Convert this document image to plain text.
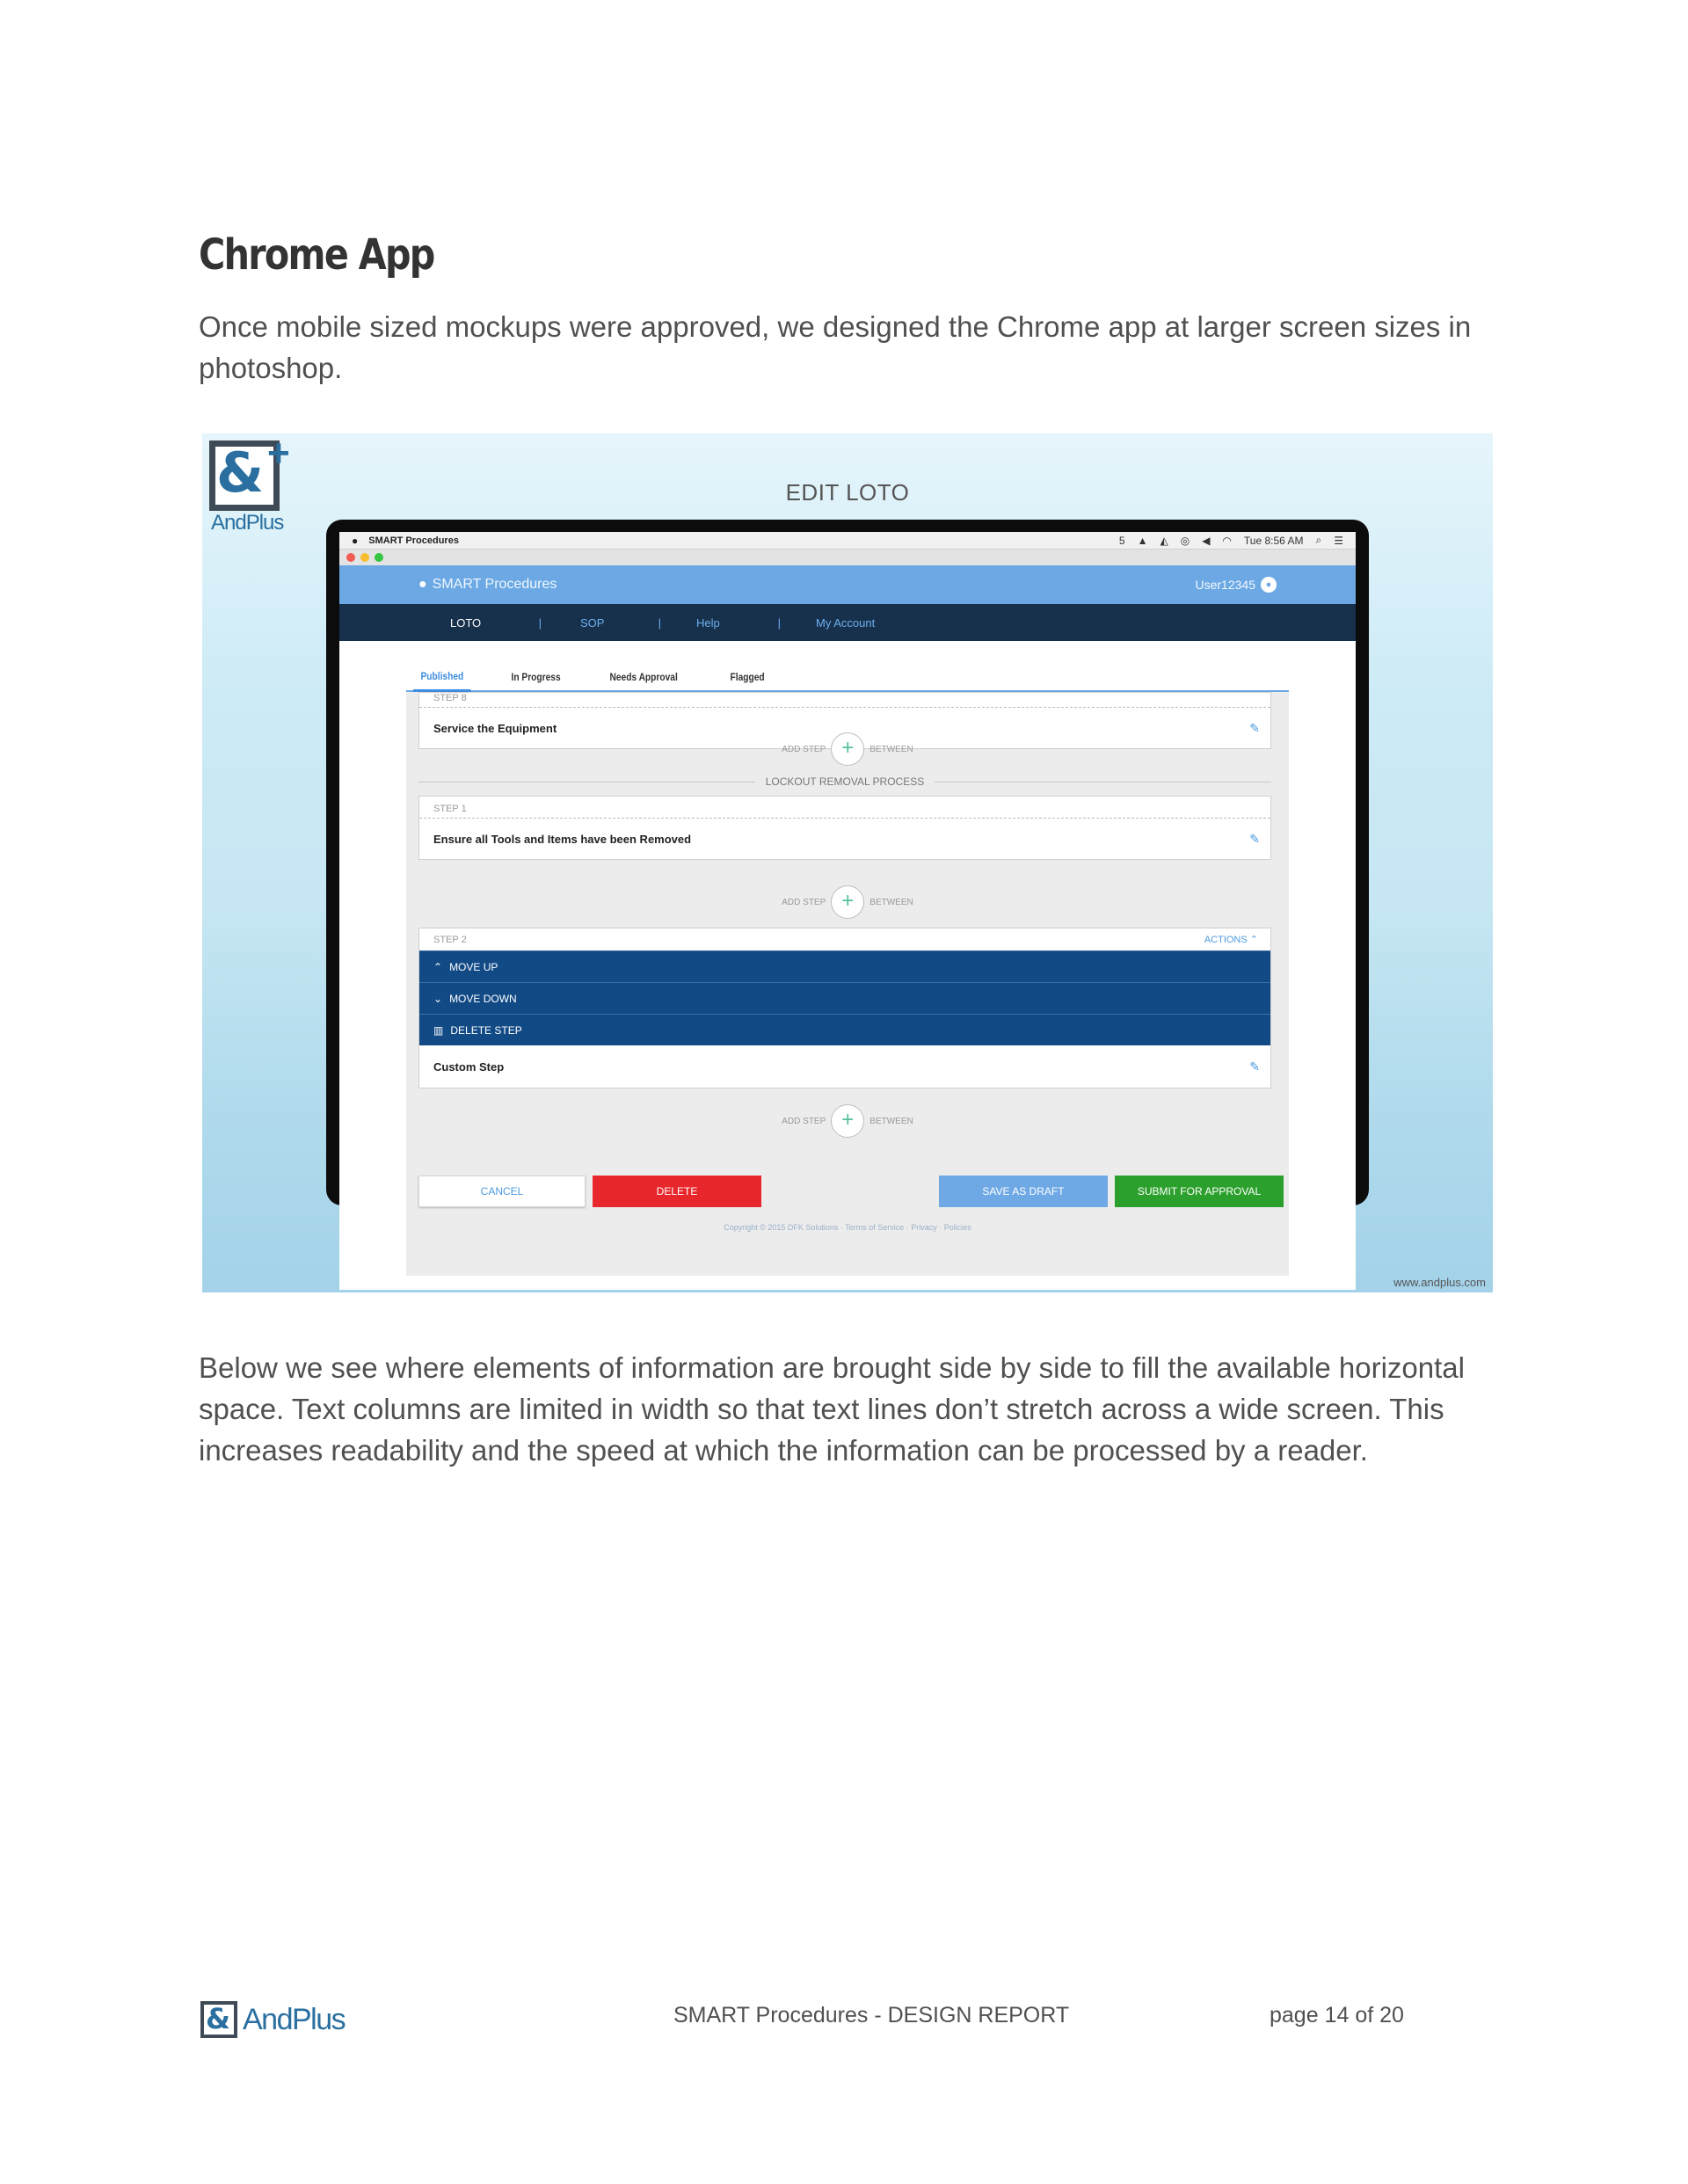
Chrome App

Once mobile sized mockups were approved, we designed the Chrome app at larger screen sizes in photoshop.

& +
AndPlus
EDIT LOTO
● SMART Procedures	5 ▲ ◭ ◎ ◀ ◠ Tue 8:56 AM ⌕ ☰
● SMART Procedures	User12345	●
LOTO	|	SOP	|	Help	|	My Account
Published	In Progress	Needs Approval	Flagged
STEP 8
Service the Equipment	✎
ADD STEP +	BETWEEN
LOCKOUT REMOVAL PROCESS
STEP 1
Ensure all Tools and Items have been Removed	✎
ADD STEP +	BETWEEN
STEP 2	ACTIONS ⌃
⌃ MOVE UP
⌄ MOVE DOWN
▥ DELETE STEP
Custom Step	✎
ADD STEP +	BETWEEN
CANCEL	DELETE	SAVE AS DRAFT	SUBMIT FOR APPROVAL
Copyright © 2015 DFK Solutions · Terms of Service · Privacy · Policies
www.andplus.com

Below we see where elements of information are brought side by side to fill the available horizontal space. Text columns are limited in width so that text lines don’t stretch across a wide screen. This increases readability and the speed at which the information can be processed by a reader.

& AndPlus	SMART Procedures - DESIGN REPORT	page 14 of 20
